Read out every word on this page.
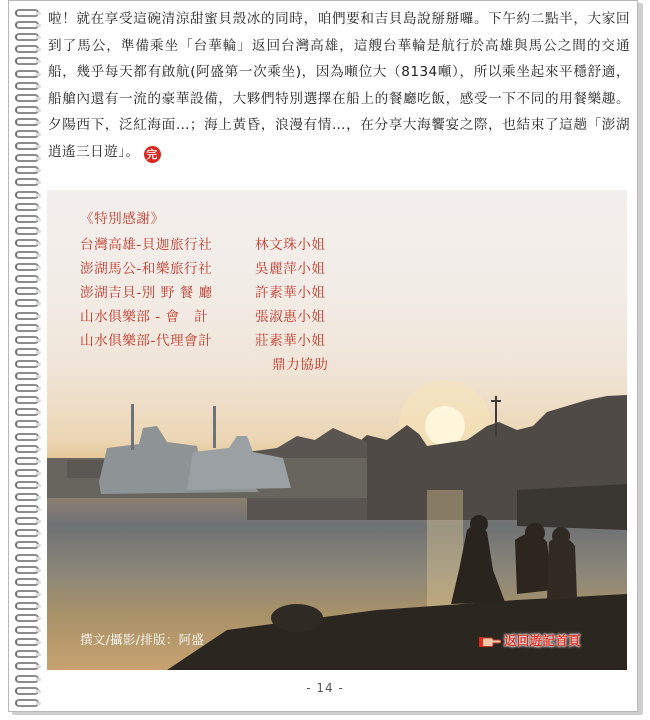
啦！就在享受這碗清涼甜蜜貝殼冰的同時，咱們要和吉貝島說掰掰囉。下午約二點半，大家回到了馬公，準備乘坐「台華輪」返回台灣高雄，這艘台華輪是航行於高雄與馬公之間的交通船，幾乎每天都有啟航(阿盛第一次乘坐)，因為噸位大（8134噸），所以乘坐起來平穩舒適，船艙內還有一流的豪華設備，大夥們特別選擇在船上的餐廳吃飯，感受一下不同的用餐樂趣。夕陽西下，泛紅海面…；海上黃昏，浪漫有情…，在分享大海饗宴之際，也結束了這趟「澎湖逍遙三日遊」。 完

《特別感謝》
台灣高雄-貝迦旅行社	林文珠小姐
澎湖馬公-和樂旅行社	吳麗萍小姐
澎湖吉貝-別 野 餐 廳	許素華小姐
山水俱樂部 - 會   計	張淑惠小姐
山水俱樂部-代理會計	莊素華小姐
鼎力協助
撰文/攝影/排版：阿盛	返回遊記首頁
- 14 -
